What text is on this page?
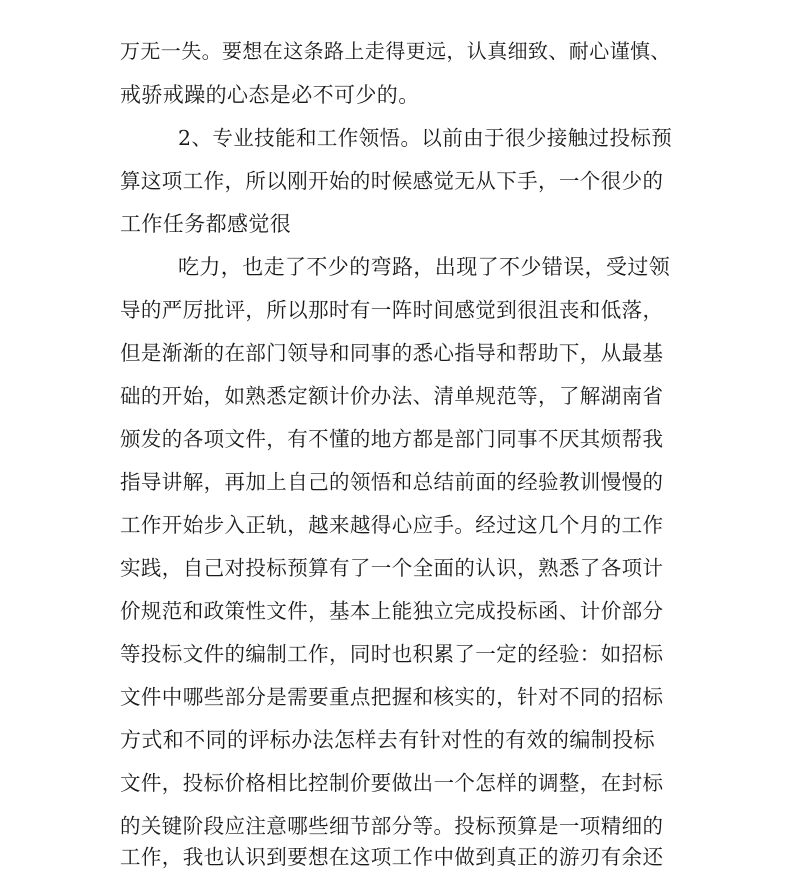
万无一失。要想在这条路上走得更远，认真细致、耐心谨慎、
戒骄戒躁的心态是必不可少的。
2、专业技能和工作领悟。以前由于很少接触过投标预
算这项工作，所以刚开始的时候感觉无从下手，一个很少的
工作任务都感觉很
吃力，也走了不少的弯路，出现了不少错误，受过领
导的严厉批评，所以那时有一阵时间感觉到很沮丧和低落，
但是渐渐的在部门领导和同事的悉心指导和帮助下，从最基
础的开始，如熟悉定额计价办法、清单规范等，了解湖南省
颁发的各项文件，有不懂的地方都是部门同事不厌其烦帮我
指导讲解，再加上自己的领悟和总结前面的经验教训慢慢的
工作开始步入正轨，越来越得心应手。经过这几个月的工作
实践，自己对投标预算有了一个全面的认识，熟悉了各项计
价规范和政策性文件，基本上能独立完成投标函、计价部分
等投标文件的编制工作，同时也积累了一定的经验：如招标
文件中哪些部分是需要重点把握和核实的，针对不同的招标
方式和不同的评标办法怎样去有针对性的有效的编制投标
文件，投标价格相比控制价要做出一个怎样的调整，在封标
的关键阶段应注意哪些细节部分等。投标预算是一项精细的
工作，我也认识到要想在这项工作中做到真正的游刃有余还
